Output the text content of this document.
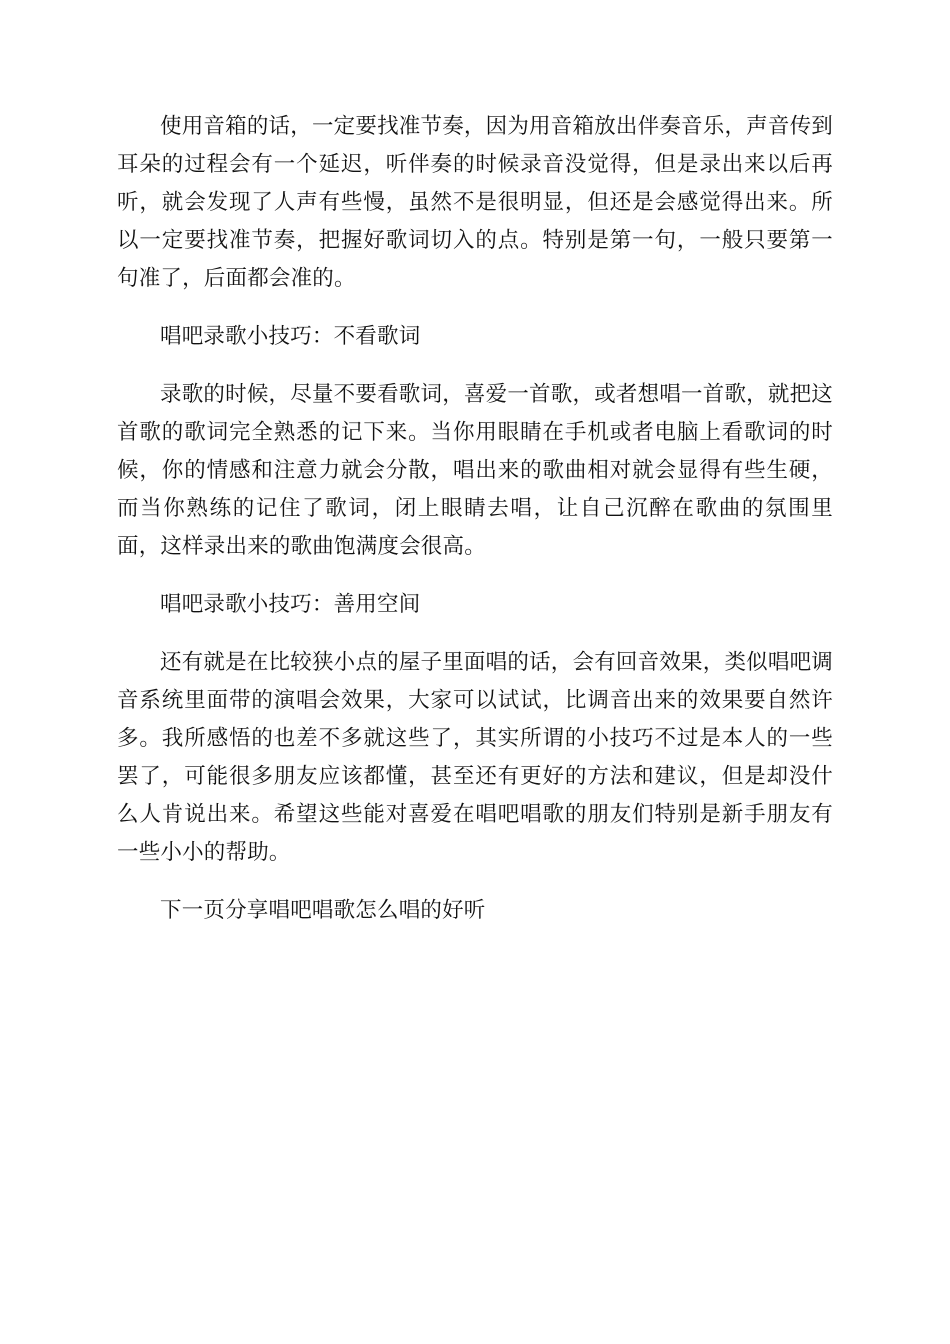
使用音箱的话，一定要找准节奏，因为用音箱放出伴奏音乐，声音传到耳朵的过程会有一个延迟，听伴奏的时候录音没觉得，但是录出来以后再听，就会发现了人声有些慢，虽然不是很明显，但还是会感觉得出来。所以一定要找准节奏，把握好歌词切入的点。特别是第一句，一般只要第一句准了，后面都会准的。

唱吧录歌小技巧：不看歌词

录歌的时候，尽量不要看歌词，喜爱一首歌，或者想唱一首歌，就把这首歌的歌词完全熟悉的记下来。当你用眼睛在手机或者电脑上看歌词的时候，你的情感和注意力就会分散，唱出来的歌曲相对就会显得有些生硬，而当你熟练的记住了歌词，闭上眼睛去唱，让自己沉醉在歌曲的氛围里面，这样录出来的歌曲饱满度会很高。

唱吧录歌小技巧：善用空间

还有就是在比较狭小点的屋子里面唱的话，会有回音效果，类似唱吧调音系统里面带的演唱会效果，大家可以试试，比调音出来的效果要自然许多。我所感悟的也差不多就这些了，其实所谓的小技巧不过是本人的一些罢了，可能很多朋友应该都懂，甚至还有更好的方法和建议，但是却没什么人肯说出来。希望这些能对喜爱在唱吧唱歌的朋友们特别是新手朋友有一些小小的帮助。

下一页分享唱吧唱歌怎么唱的好听
